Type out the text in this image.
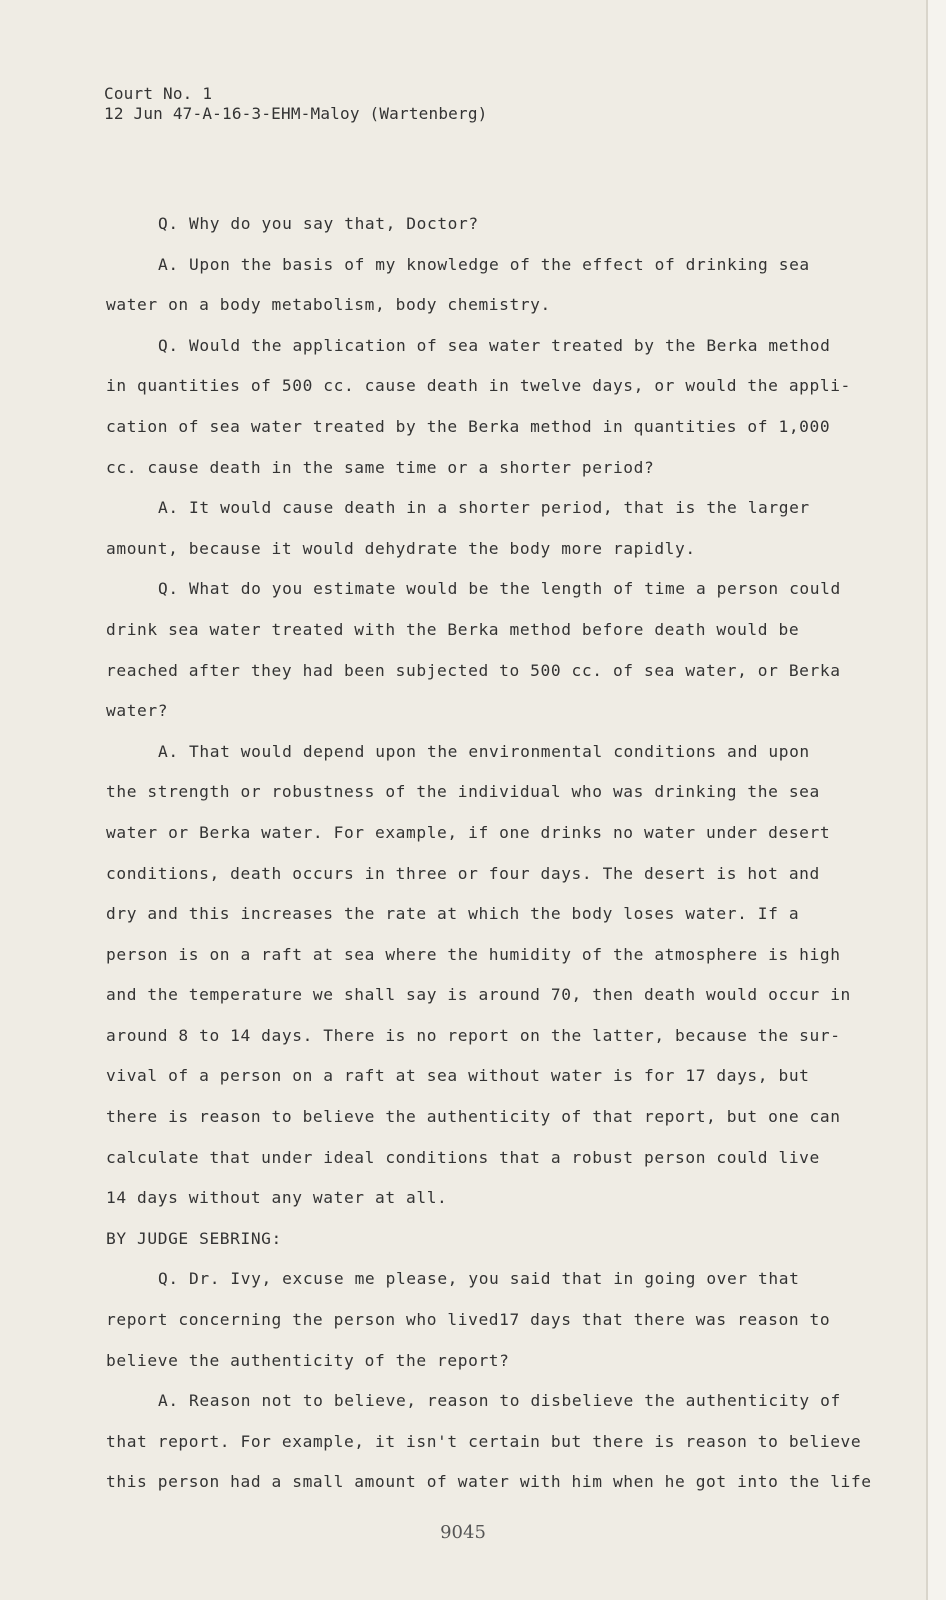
Court No. 1
12 Jun 47-A-16-3-EHM-Maloy (Wartenberg)
Q. Why do you say that, Doctor?
A. Upon the basis of my knowledge of the effect of drinking sea
water on a body metabolism, body chemistry.
Q. Would the application of sea water treated by the Berka method
in quantities of 500 cc. cause death in twelve days, or would the appli-
cation of sea water treated by the Berka method in quantities of 1,000
cc. cause death in the same time or a shorter period?
A. It would cause death in a shorter period, that is the larger
amount, because it would dehydrate the body more rapidly.
Q. What do you estimate would be the length of time a person could
drink sea water treated with the Berka method before death would be
reached after they had been subjected to 500 cc. of sea water, or Berka
water?
A. That would depend upon the environmental conditions and upon
the strength or robustness of the individual who was drinking the sea
water or Berka water. For example, if one drinks no water under desert
conditions, death occurs in three or four days. The desert is hot and
dry and this increases the rate at which the body loses water. If a
person is on a raft at sea where the humidity of the atmosphere is high
and the temperature we shall say is around 70, then death would occur in
around 8 to 14 days. There is no report on the latter, because the sur-
vival of a person on a raft at sea without water is for 17 days, but
there is reason to believe the authenticity of that report, but one can
calculate that under ideal conditions that a robust person could live
14 days without any water at all.
BY JUDGE SEBRING:
Q. Dr. Ivy, excuse me please, you said that in going over that
report concerning the person who lived17 days that there was reason to
believe the authenticity of the report?
A. Reason not to believe, reason to disbelieve the authenticity of
that report. For example, it isn't certain but there is reason to believe
this person had a small amount of water with him when he got into the life
9045
